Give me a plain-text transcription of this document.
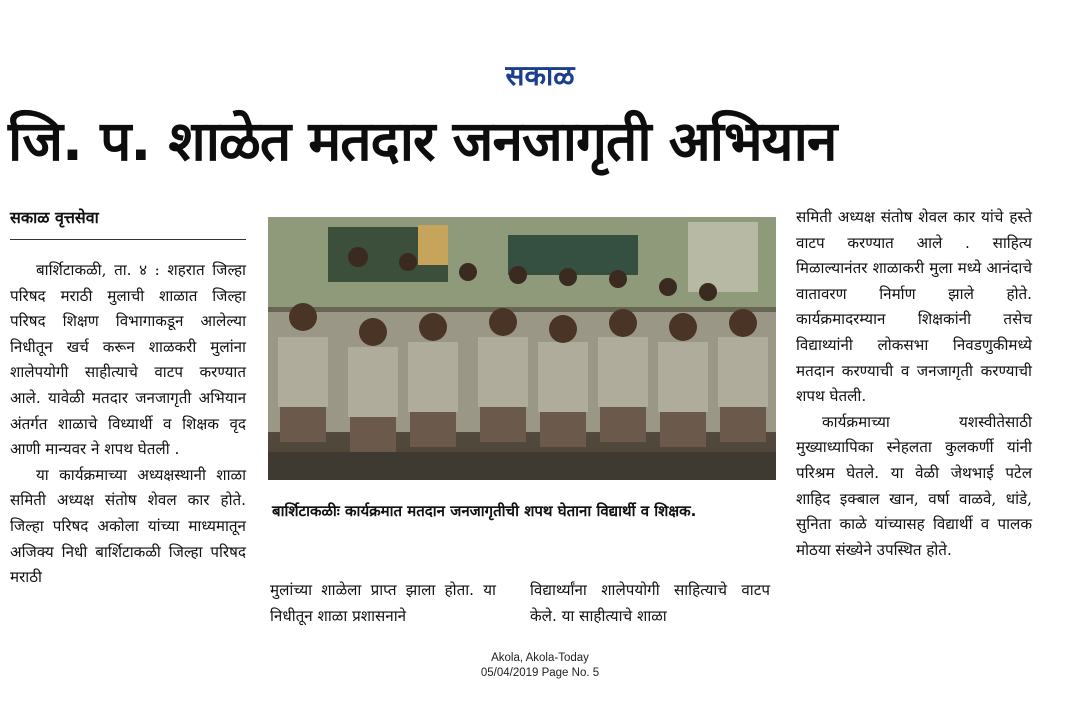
सकाळ
जि. प. शाळेत मतदार जनजागृती अभियान
सकाळ वृत्तसेवा

बार्शिटाकळी, ता. ४ : शहरात जिल्हा परिषद मराठी मुलाची शाळात जिल्हा परिषद शिक्षण विभागाकडून आलेल्या निधीतून खर्च करून शाळकरी मुलांना शालेपयोगी साहीत्याचे वाटप करण्यात आले. यावेळी मतदार जनजागृती अभियान अंतर्गत शाळाचे विध्यार्थी व शिक्षक वृद आणी मान्यवर ने शपथ घेतली .

या कार्यक्रमाच्या अध्यक्षस्थानी शाळा समिती अध्यक्ष संतोष शेवल कार होते. जिल्हा परिषद अकोला यांच्या माध्यमातून अजिक्य निधी बार्शिटाकळी जिल्हा परिषद मराठी

बार्शिटाकळीः कार्यक्रमात मतदान जनजागृतीची शपथ घेताना विद्यार्थी व शिक्षक.

मुलांच्या शाळेला प्राप्त झाला होता. या निधीतून शाळा प्रशासनाने

विद्यार्थ्यांना शालेपयोगी साहित्याचे वाटप केले. या साहीत्याचे शाळा

समिती अध्यक्ष संतोष शेवल कार यांचे हस्ते वाटप करण्यात आले . साहित्य मिळाल्यानंतर शाळाकरी मुला मध्ये आनंदाचे वातावरण निर्माण झाले होते. कार्यक्रमादरम्यान शिक्षकांनी तसेच विद्याथ्यांनी लोकसभा निवडणुकीमध्ये मतदान करण्याची व जनजागृती करण्याची शपथ घेतली.

कार्यक्रमाच्या यशस्वीतेसाठी मुख्याध्यापिका स्नेहलता कुलकर्णी यांनी परिश्रम घेतले. या वेळी जेथभाई पटेल शाहिद इक्बाल खान, वर्षा वाळवे, धांडे, सुनिता काळे यांच्यासह विद्यार्थी व पालक मोठया संख्येने उपस्थित होते.

Akola, Akola-Today
05/04/2019 Page No. 5
